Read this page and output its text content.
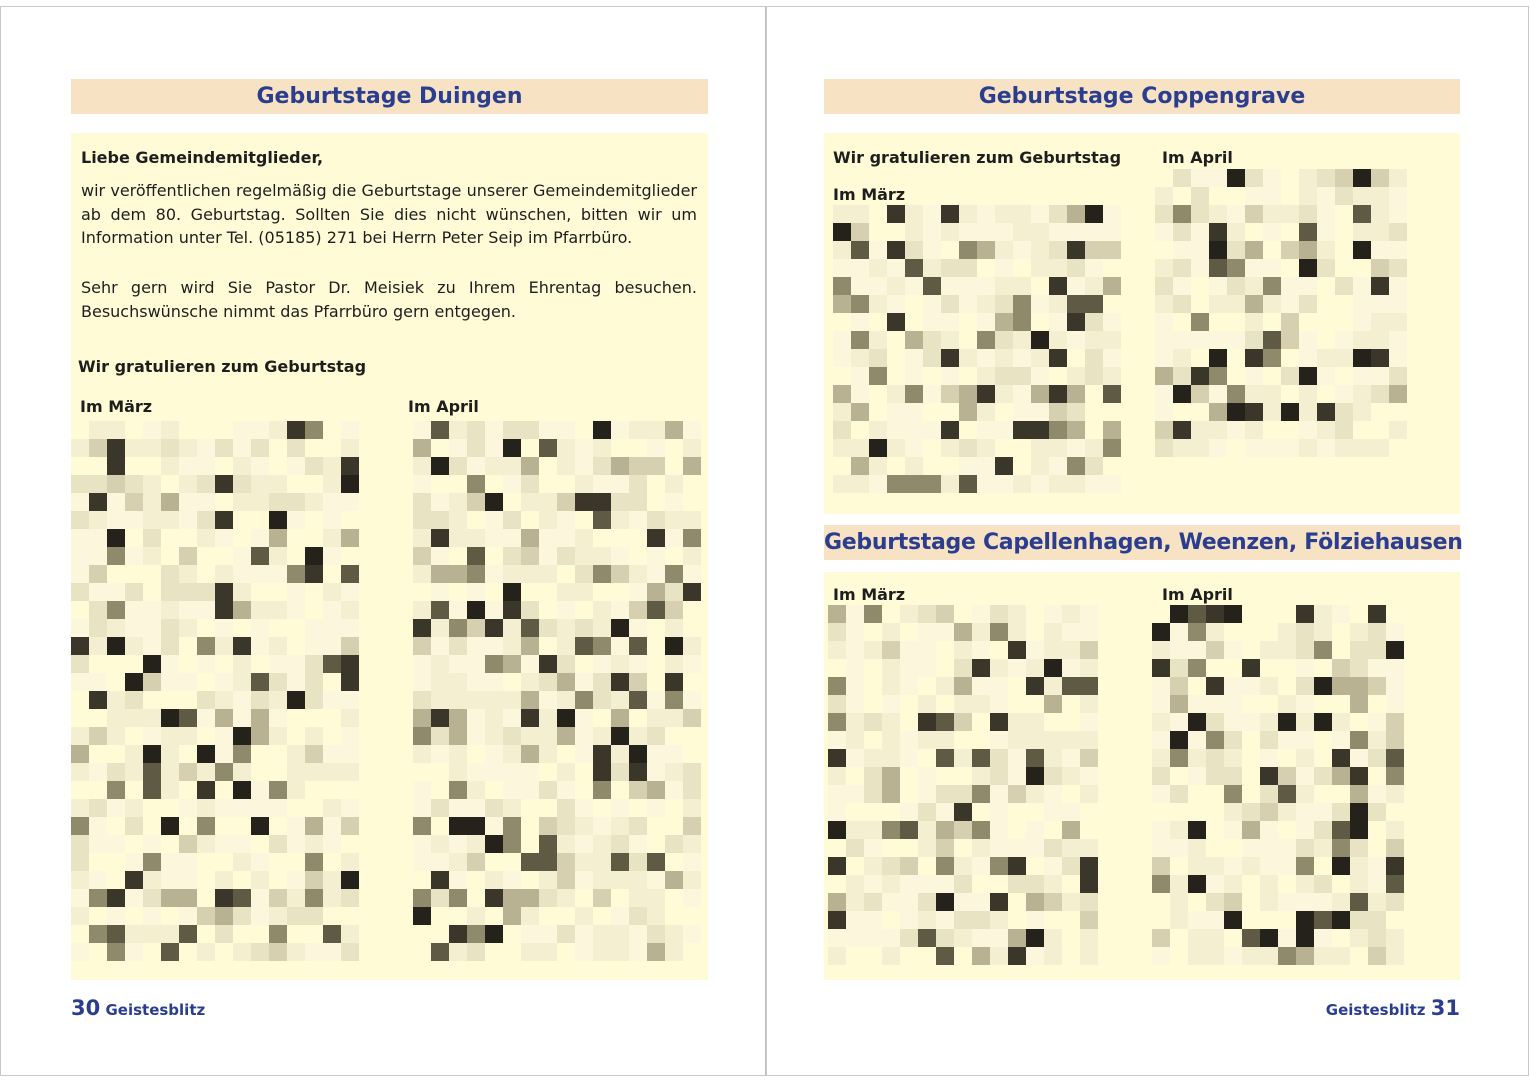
Geburtstage Duingen
Liebe Gemeindemitglieder,
wir veröffentlichen regelmäßig die Geburtstage unserer Gemeindemitglieder ab dem 80. Geburtstag. Sollten Sie dies nicht wünschen, bitten wir um Information unter Tel. (05185) 271 bei Herrn Peter Seip im Pfarrbüro.
Sehr gern wird Sie Pastor Dr. Meisiek zu Ihrem Ehrentag besuchen. Besuchswünsche nimmt das Pfarrbüro gern entgegen.
Wir gratulieren zum Geburtstag
Im März	Im April
30 Geistesblitz
Geburtstage Coppengrave
Wir gratulieren zum Geburtstag
Im März
Im April
Geburtstage Capellenhagen, Weenzen, Fölziehausen
Im März	Im April
Geistesblitz 31
